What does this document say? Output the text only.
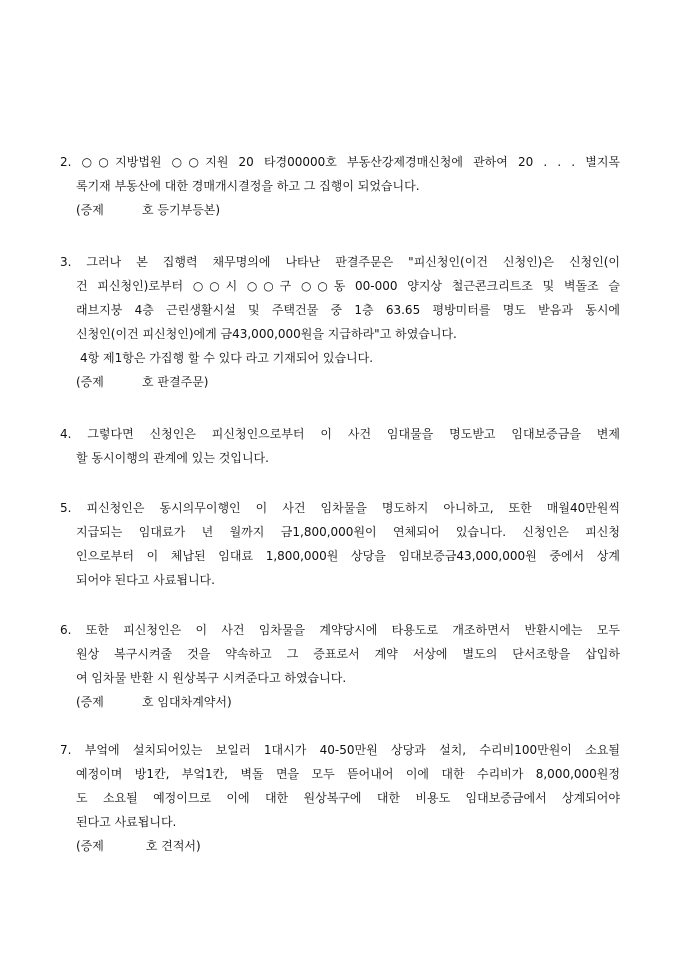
2. ○○지방법원 ○○지원 20 타경00000호 부동산강제경매신청에 관하여 20 . . . 별지목
록기재 부동산에 대한 경매개시결정을 하고 그 집행이 되었습니다.
(증제          호 등기부등본)
3. 그러나 본 집행력 채무명의에 나타난 판결주문은 "피신청인(이건 신청인)은 신청인(이
건 피신청인)로부터 ○○시 ○○구 ○○동 00-000 양지상 철근콘크리트조 및 벽돌조 슬
래브지붕 4층 근린생활시설 및 주택건물 중 1층 63.65 평방미터를 명도 받음과 동시에
신청인(이건 피신청인)에게 금43,000,000원을 지급하라"고 하였습니다.
4항 제1항은 가집행 할 수 있다 라고 기재되어 있습니다.
(증제          호 판결주문)
4. 그렇다면 신청인은 피신청인으로부터 이 사건 임대물을 명도받고 임대보증금을 변제
할 동시이행의 관계에 있는 것입니다.
5. 피신청인은 동시의무이행인 이 사건 임차물을 명도하지 아니하고, 또한 매월40만원씩
지급되는 임대료가 년 월까지 금1,800,000원이 연체되어 있습니다. 신청인은 피신청
인으로부터 이 체납된 임대료 1,800,000원 상당을 임대보증금43,000,000원 중에서 상계
되어야 된다고 사료됩니다.
6. 또한 피신청인은 이 사건 임차물을 계약당시에 타용도로 개조하면서 반환시에는 모두
원상 복구시켜줄 것을 약속하고 그 증표로서 계약 서상에 별도의 단서조항을 삽입하
여 임차물 반환 시 원상복구 시켜준다고 하였습니다.
(증제          호 임대차계약서)
7. 부엌에 설치되어있는 보일러 1대시가 40-50만원 상당과 설치, 수리비100만원이 소요될
예정이며 방1칸, 부엌1칸, 벽돌 면을 모두 뜯어내어 이에 대한 수리비가 8,000,000원정
도 소요될 예정이므로 이에 대한 원상복구에 대한 비용도 임대보증금에서 상계되어야
된다고 사료됩니다.
(증제           호 견적서)
